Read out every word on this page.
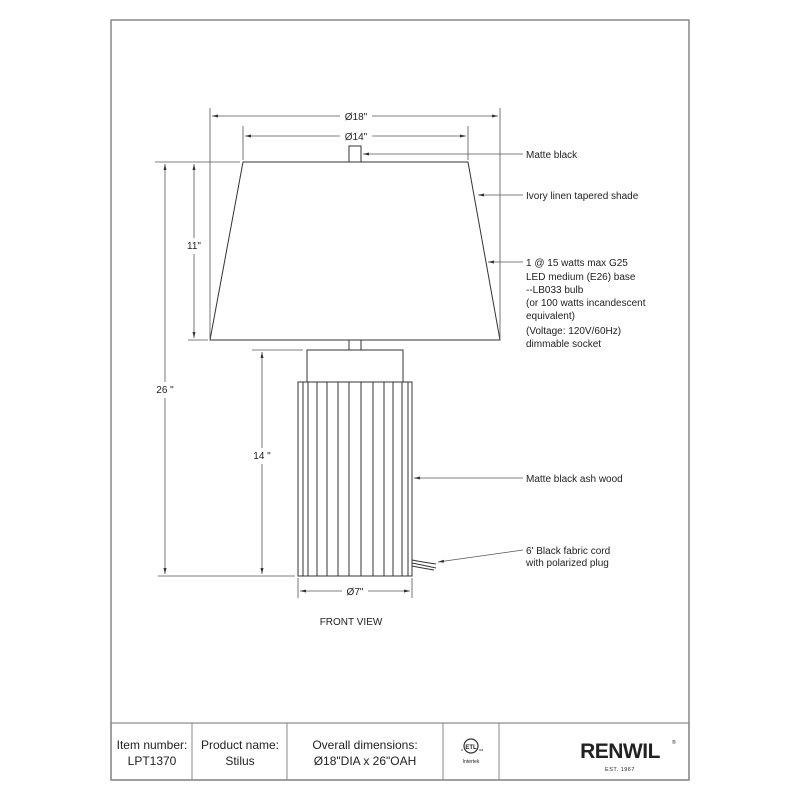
Ø18"
Ø14"
11"
26 "
14 "
Ø7"
Matte black
Ivory linen tapered shade
1 @ 15 watts max G25 LED medium (E26) base --LB033 bulb (or 100 watts incandescent equivalent) (Voltage: 120V/60Hz) dimmable socket
Matte black ash wood
6' Black fabric cord with polarized plug
FRONT VIEW
Item number:
LPT1370
Product name:
Stilus
Overall dimensions:
Ø18"DIA x 26"OAH
ETL
c	us
Intertek	RENWIL ®
EST. 1967
